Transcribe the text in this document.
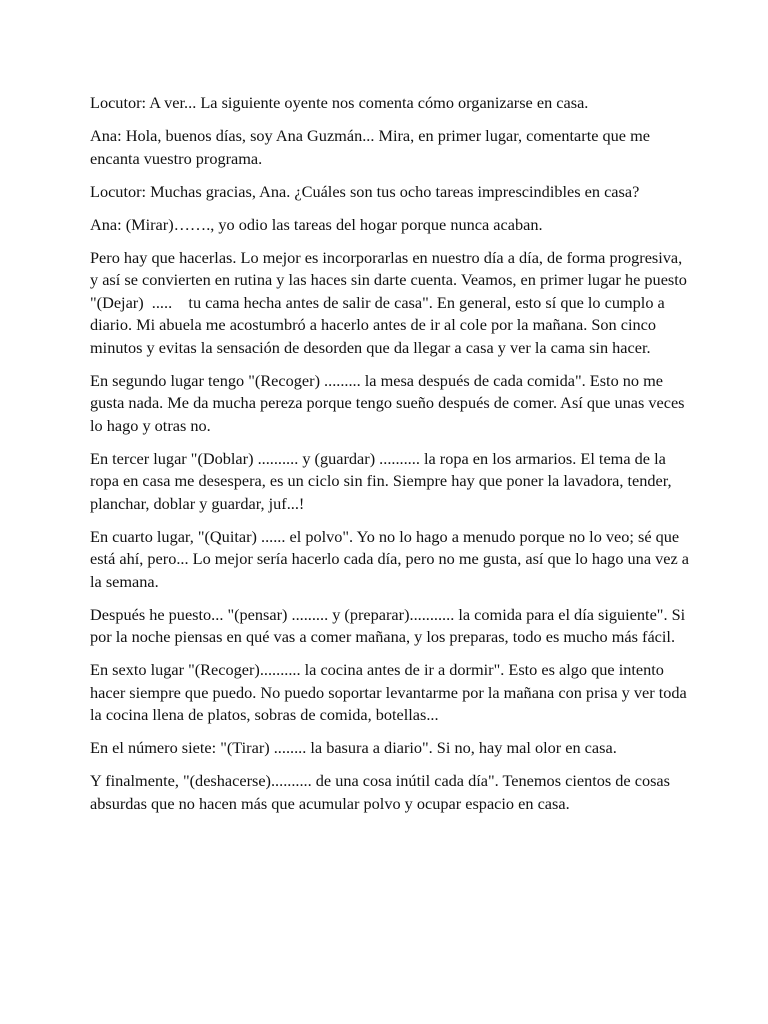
Locutor: A ver... La siguiente oyente nos comenta cómo organizarse en casa.

Ana: Hola, buenos días, soy Ana Guzmán... Mira, en primer lugar, comentarte que me encanta vuestro programa.

Locutor: Muchas gracias, Ana. ¿Cuáles son tus ocho tareas imprescindibles en casa?

Ana: (Mirar)……., yo odio las tareas del hogar porque nunca acaban.

Pero hay que hacerlas. Lo mejor es incorporarlas en nuestro día a día, de forma progresiva, y así se convierten en rutina y las haces sin darte cuenta. Veamos, en primer lugar he puesto "(Dejar)  .....    tu cama hecha antes de salir de casa". En general, esto sí que lo cumplo a diario. Mi abuela me acostumbró a hacerlo antes de ir al cole por la mañana. Son cinco minutos y evitas la sensación de desorden que da llegar a casa y ver la cama sin hacer.

En segundo lugar tengo "(Recoger) ......... la mesa después de cada comida". Esto no me gusta nada. Me da mucha pereza porque tengo sueño después de comer. Así que unas veces lo hago y otras no.

En tercer lugar "(Doblar) .......... y (guardar) .......... la ropa en los armarios. El tema de la ropa en casa me desespera, es un ciclo sin fin. Siempre hay que poner la lavadora, tender, planchar, doblar y guardar, juf...!

En cuarto lugar, "(Quitar) ...... el polvo". Yo no lo hago a menudo porque no lo veo; sé que está ahí, pero... Lo mejor sería hacerlo cada día, pero no me gusta, así que lo hago una vez a la semana.

Después he puesto... "(pensar) ......... y (preparar)........... la comida para el día siguiente". Si por la noche piensas en qué vas a comer mañana, y los preparas, todo es mucho más fácil.

En sexto lugar "(Recoger).......... la cocina antes de ir a dormir". Esto es algo que intento hacer siempre que puedo. No puedo soportar levantarme por la mañana con prisa y ver toda la cocina llena de platos, sobras de comida, botellas...

En el número siete: "(Tirar) ........ la basura a diario". Si no, hay mal olor en casa.

Y finalmente, "(deshacerse).......... de una cosa inútil cada día". Tenemos cientos de cosas absurdas que no hacen más que acumular polvo y ocupar espacio en casa.
